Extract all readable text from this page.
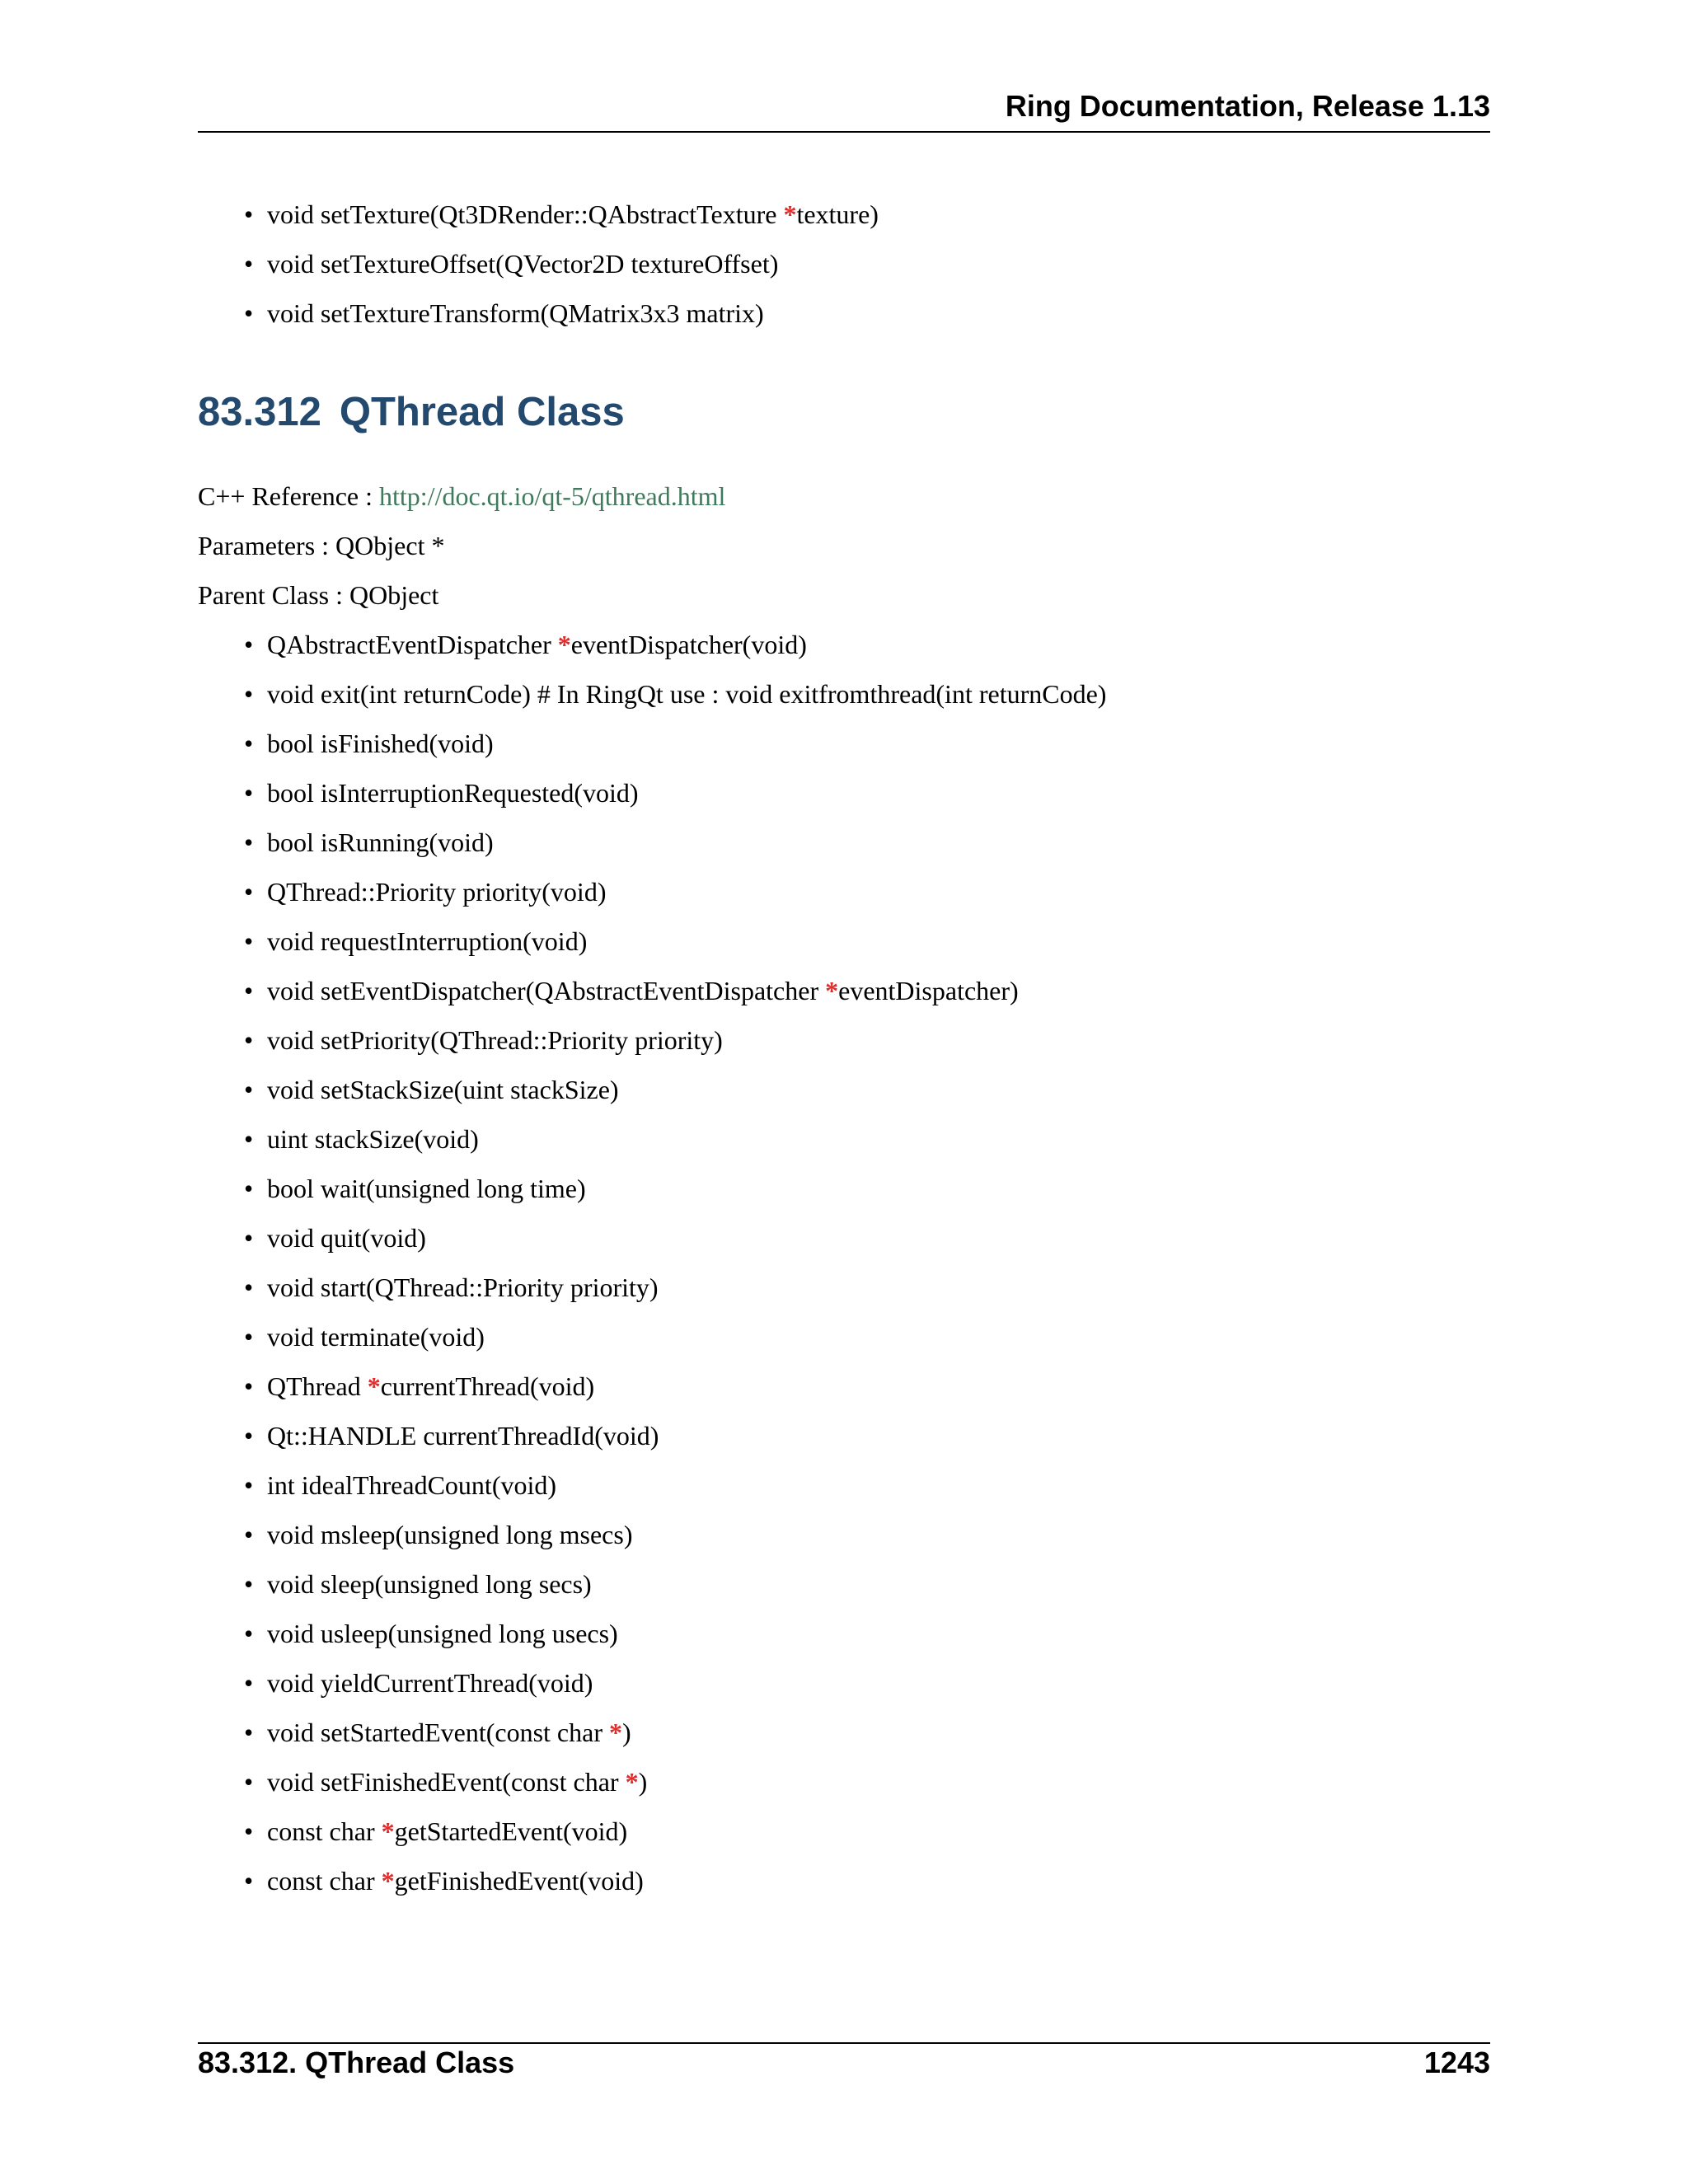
Ring Documentation, Release 1.13
• void setTexture(Qt3DRender::QAbstractTexture *texture)
• void setTextureOffset(QVector2D textureOffset)
• void setTextureTransform(QMatrix3x3 matrix)
83.312 QThread Class
C++ Reference : http://doc.qt.io/qt-5/qthread.html
Parameters : QObject *
Parent Class : QObject
• QAbstractEventDispatcher *eventDispatcher(void)
• void exit(int returnCode) # In RingQt use : void exitfromthread(int returnCode)
• bool isFinished(void)
• bool isInterruptionRequested(void)
• bool isRunning(void)
• QThread::Priority priority(void)
• void requestInterruption(void)
• void setEventDispatcher(QAbstractEventDispatcher *eventDispatcher)
• void setPriority(QThread::Priority priority)
• void setStackSize(uint stackSize)
• uint stackSize(void)
• bool wait(unsigned long time)
• void quit(void)
• void start(QThread::Priority priority)
• void terminate(void)
• QThread *currentThread(void)
• Qt::HANDLE currentThreadId(void)
• int idealThreadCount(void)
• void msleep(unsigned long msecs)
• void sleep(unsigned long secs)
• void usleep(unsigned long usecs)
• void yieldCurrentThread(void)
• void setStartedEvent(const char *)
• void setFinishedEvent(const char *)
• const char *getStartedEvent(void)
• const char *getFinishedEvent(void)
83.312. QThread Class	1243
